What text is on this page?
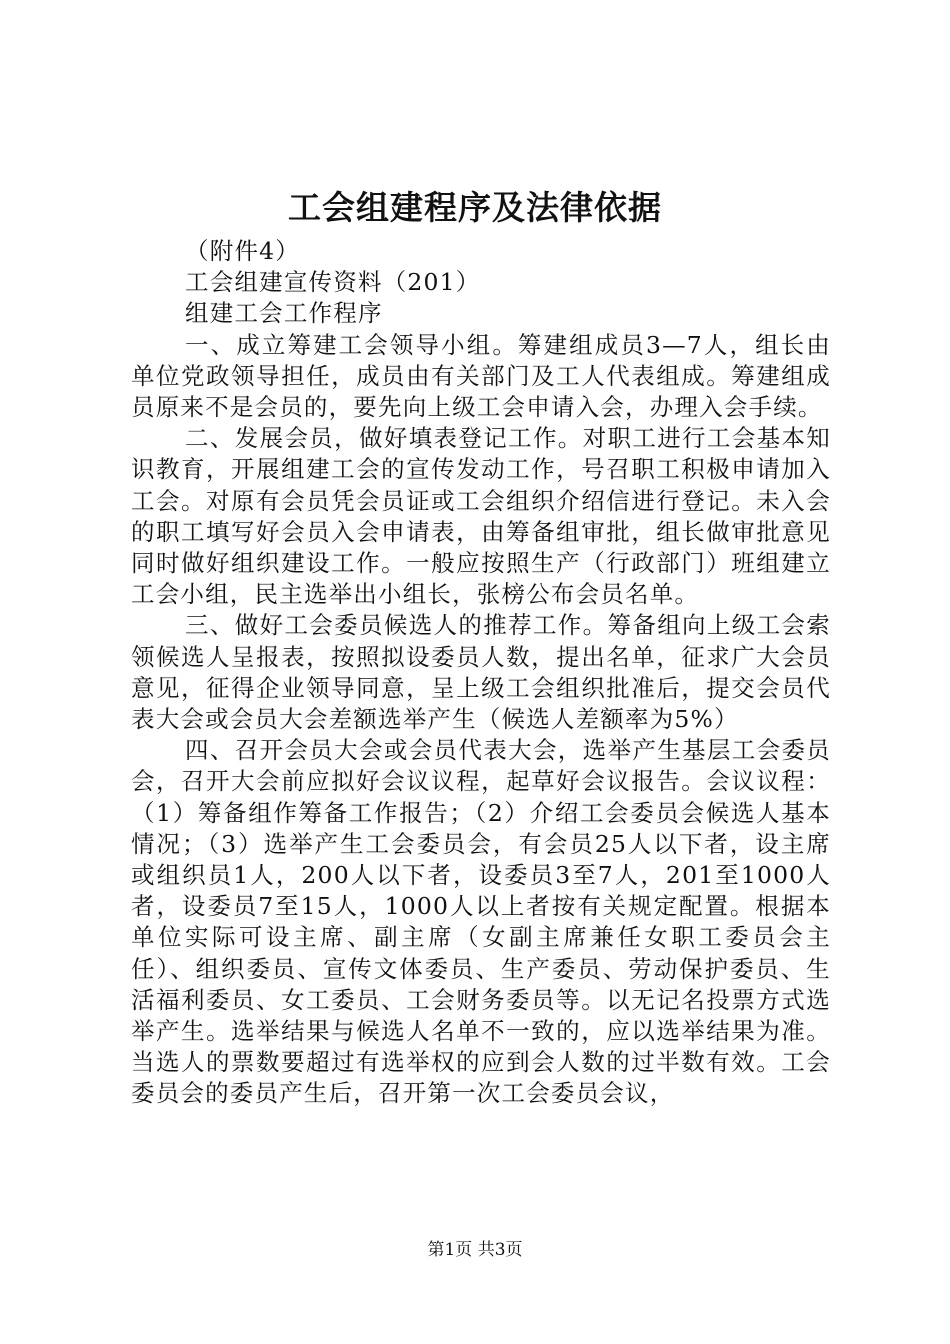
工会组建程序及法律依据

（附件4）

工会组建宣传资料（201）

组建工会工作程序

一、成立筹建工会领导小组。筹建组成员3—7人，组长由单位党政领导担任，成员由有关部门及工人代表组成。筹建组成员原来不是会员的，要先向上级工会申请入会，办理入会手续。

二、发展会员，做好填表登记工作。对职工进行工会基本知识教育，开展组建工会的宣传发动工作，号召职工积极申请加入工会。对原有会员凭会员证或工会组织介绍信进行登记。未入会的职工填写好会员入会申请表，由筹备组审批，组长做审批意见同时做好组织建设工作。一般应按照生产（行政部门）班组建立工会小组，民主选举出小组长，张榜公布会员名单。

三、做好工会委员候选人的推荐工作。筹备组向上级工会索领候选人呈报表，按照拟设委员人数，提出名单，征求广大会员意见，征得企业领导同意，呈上级工会组织批准后，提交会员代表大会或会员大会差额选举产生（候选人差额率为5%）

四、召开会员大会或会员代表大会，选举产生基层工会委员会，召开大会前应拟好会议议程，起草好会议报告。会议议程：（1）筹备组作筹备工作报告；（2）介绍工会委员会候选人基本情况；（3）选举产生工会委员会，有会员25人以下者，设主席或组织员1人，200人以下者，设委员3至7人，201至1000人者，设委员7至15人，1000人以上者按有关规定配置。根据本单位实际可设主席、副主席（女副主席兼任女职工委员会主任）、组织委员、宣传文体委员、生产委员、劳动保护委员、生活福利委员、女工委员、工会财务委员等。以无记名投票方式选举产生。选举结果与候选人名单不一致的，应以选举结果为准。当选人的票数要超过有选举权的应到会人数的过半数有效。工会委员会的委员产生后，召开第一次工会委员会议，

第1页 共3页
